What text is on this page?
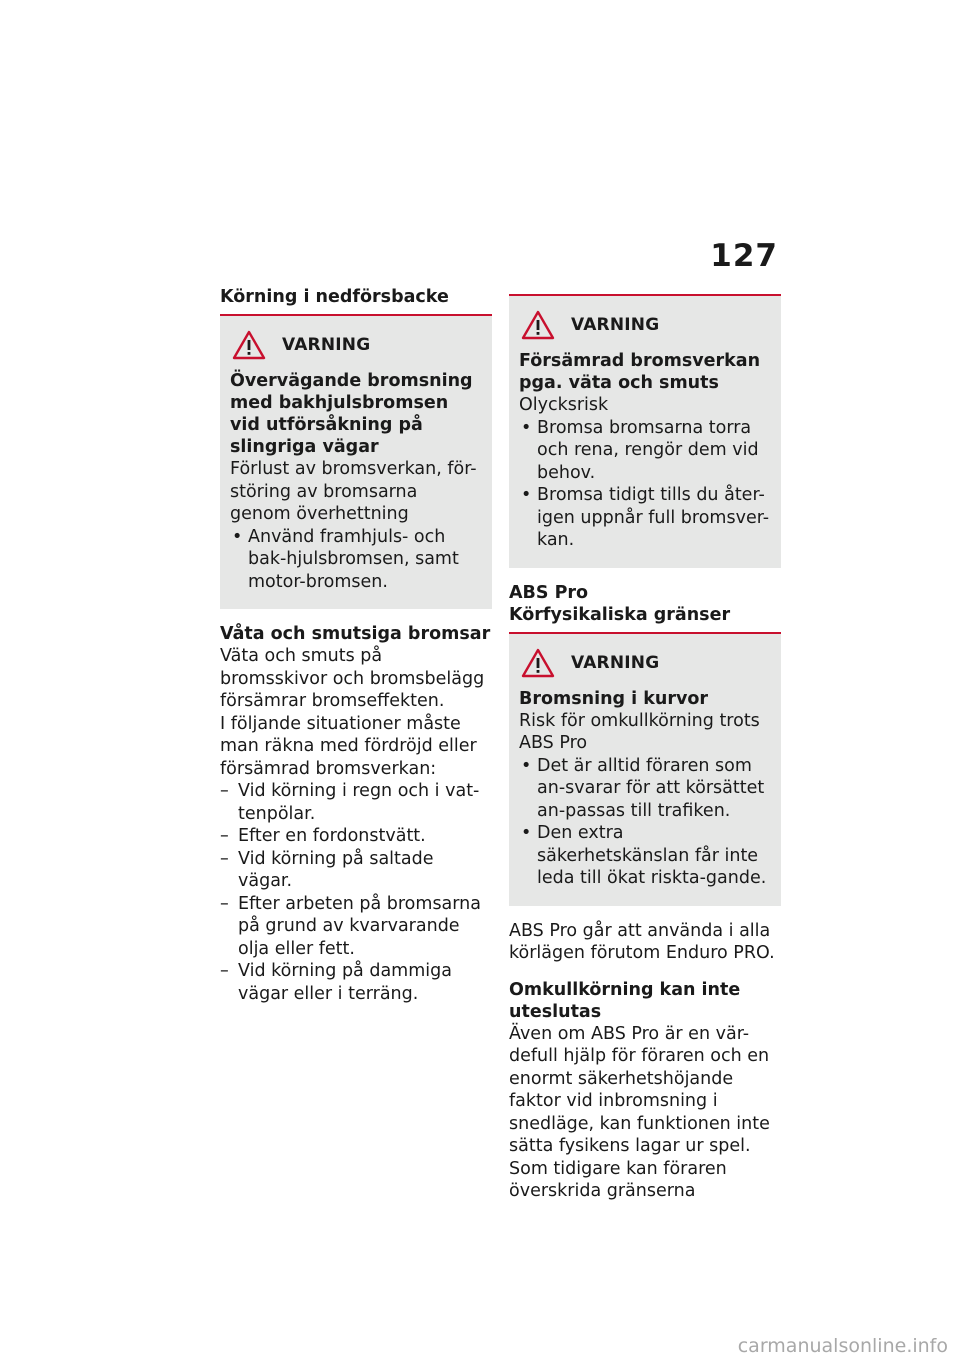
127
Körning i nedförsbacke
VARNING
Övervägande bromsning med bakhjulsbromsen vid utförsåkning på slingriga vägar
Förlust av bromsverkan, för-störing av bromsarna genom överhettning
• Använd framhjuls- och bak-hjulsbromsen, samt motor-bromsen.
Våta och smutsiga bromsar
Väta och smuts på bromsskivor och bromsbelägg försämrar bromseffekten.
I följande situationer måste man räkna med fördröjd eller försämrad bromsverkan:
– Vid körning i regn och i vat-tenpölar.
– Efter en fordonstvätt.
– Vid körning på saltade vägar.
– Efter arbeten på bromsarna på grund av kvarvarande olja eller fett.
– Vid körning på dammiga vägar eller i terräng.
VARNING
Försämrad bromsverkan pga. väta och smuts
Olycksrisk
• Bromsa bromsarna torra och rena, rengör dem vid behov.
• Bromsa tidigt tills du åter-igen uppnår full bromsver-kan.
ABS Pro
Körfysikaliska gränser
VARNING
Bromsning i kurvor
Risk för omkullkörning trots ABS Pro
• Det är alltid föraren som an-svarar för att körsättet an-passas till trafiken.
• Den extra säkerhetskänslan får inte leda till ökat riskta-gande.
ABS Pro går att använda i alla körlägen förutom Enduro PRO.
Omkullkörning kan inte uteslutas
Även om ABS Pro är en vär-defull hjälp för föraren och en enormt säkerhetshöjande faktor vid inbromsning i snedläge, kan funktionen inte sätta fysikens lagar ur spel. Som tidigare kan föraren överskrida gränserna
carmanualsonline.info
